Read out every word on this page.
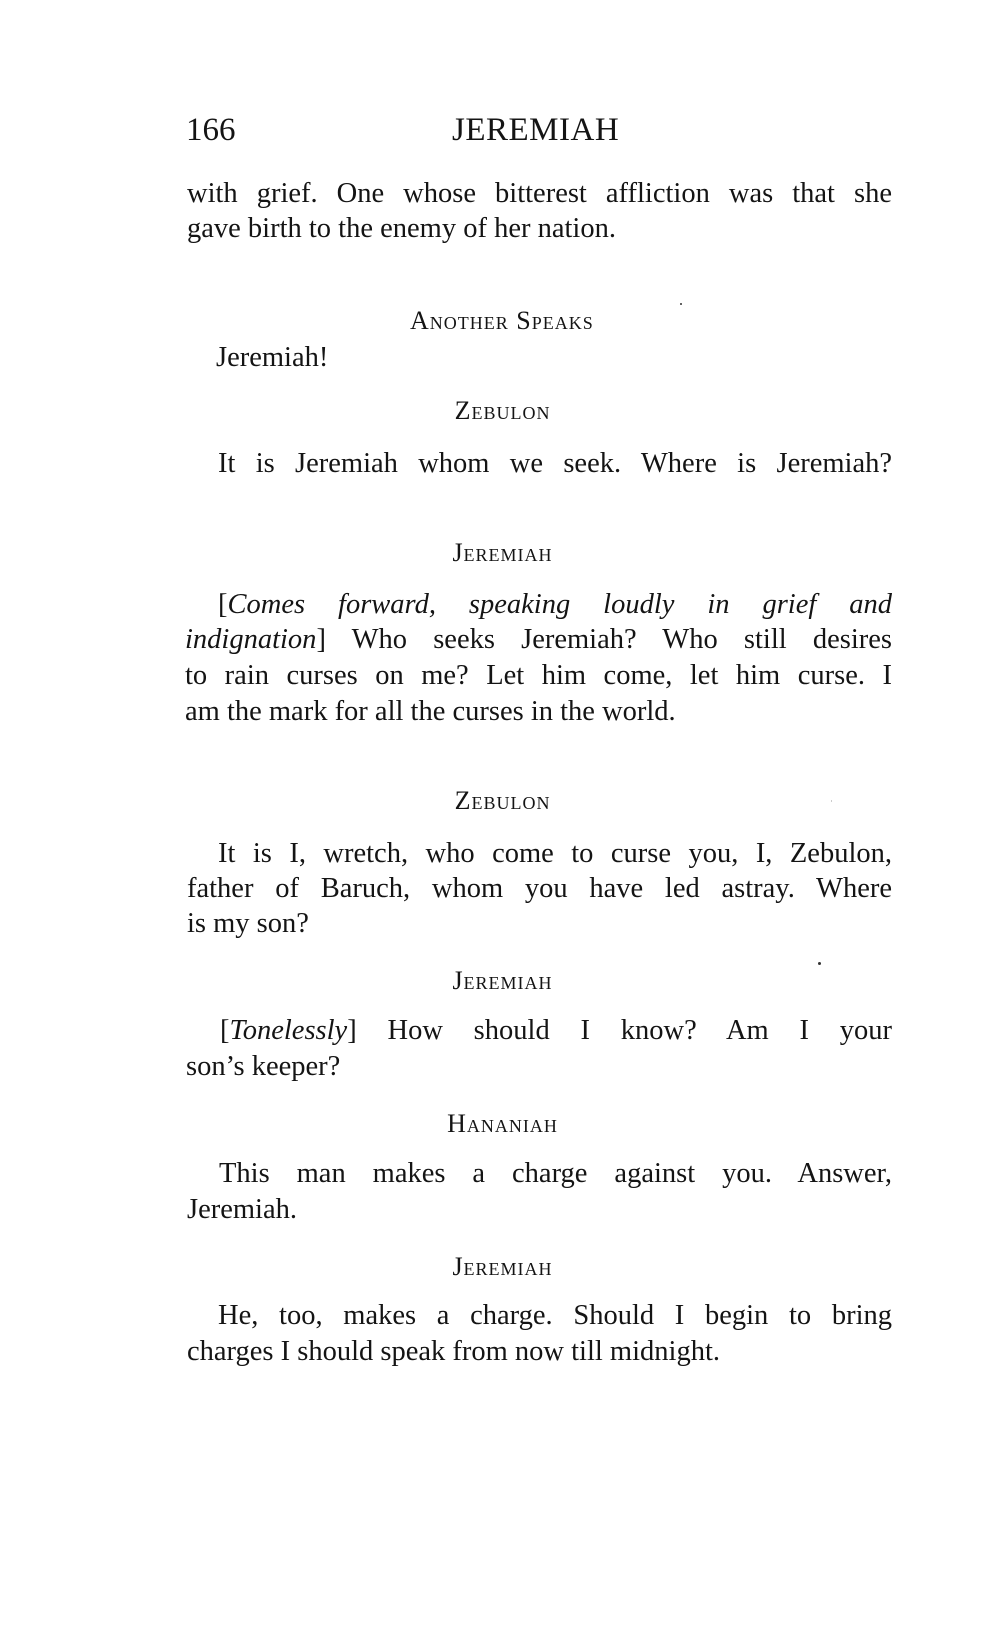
166	JEREMIAH
with grief. One whose bitterest affliction was that she
gave birth to the enemy of her nation.
Another Speaks
Jeremiah!
Zebulon
It is Jeremiah whom we seek. Where is Jeremiah?
Jeremiah
[Comes forward, speaking loudly in grief and
indignation] Who seeks Jeremiah? Who still desires
to rain curses on me? Let him come, let him curse. I
am the mark for all the curses in the world.
Zebulon
It is I, wretch, who come to curse you, I, Zebulon,
father of Baruch, whom you have led astray. Where
is my son?
Jeremiah
[Tonelessly] How should I know? Am I your
son’s keeper?
Hananiah
This man makes a charge against you. Answer,
Jeremiah.
Jeremiah
He, too, makes a charge. Should I begin to bring
charges I should speak from now till midnight.
